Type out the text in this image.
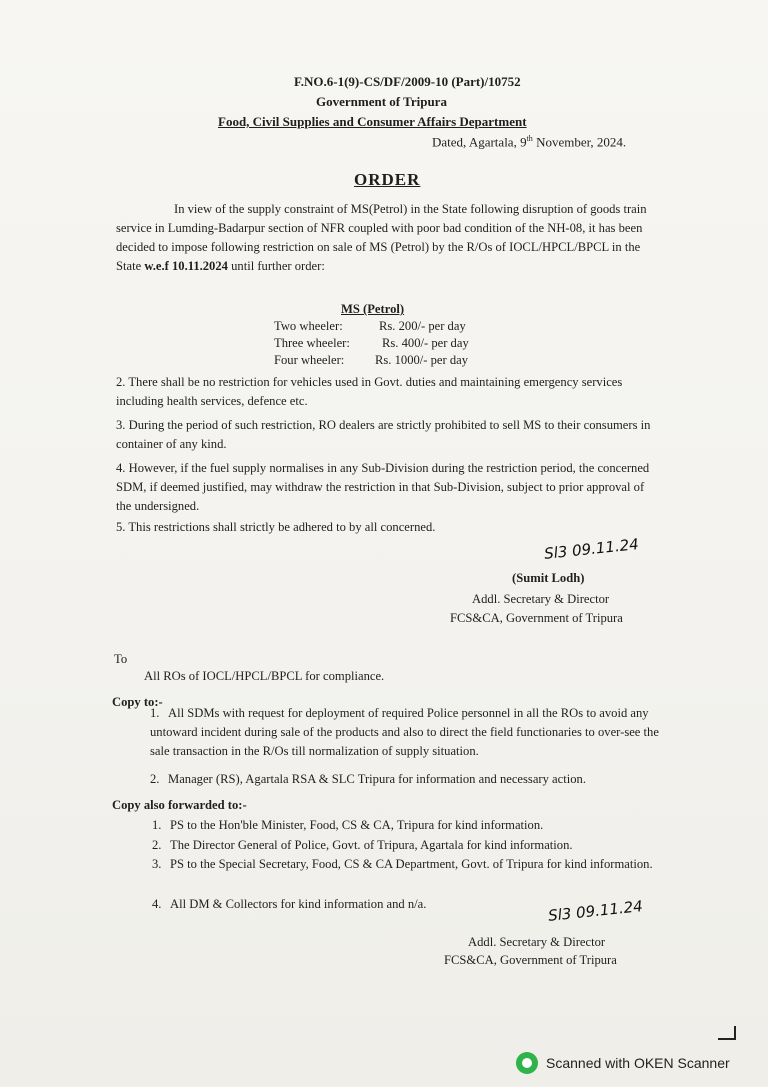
F.NO.6-1(9)-CS/DF/2009-10 (Part)/10752
Government of Tripura
Food, Civil Supplies and Consumer Affairs Department
Dated, Agartala, 9th November, 2024.
ORDER
In view of the supply constraint of MS(Petrol) in the State following disruption of goods train service in Lumding-Badarpur section of NFR coupled with poor bad condition of the NH-08, it has been decided to impose following restriction on sale of MS (Petrol) by the R/Os of IOCL/HPCL/BPCL in the State w.e.f 10.11.2024 until further order:
MS (Petrol)
Two wheeler:	Rs. 200/- per day
Three wheeler:	Rs. 400/- per day
Four wheeler: Rs. 1000/- per day
2. There shall be no restriction for vehicles used in Govt. duties and maintaining emergency services including health services, defence etc.
3. During the period of such restriction, RO dealers are strictly prohibited to sell MS to their consumers in container of any kind.
4. However, if the fuel supply normalises in any Sub-Division during the restriction period, the concerned SDM, if deemed justified, may withdraw the restriction in that Sub-Division, subject to prior approval of the undersigned.
5. This restrictions shall strictly be adhered to by all concerned.
Sl3 09.11.24
(Sumit Lodh)
Addl. Secretary & Director
FCS&CA, Government of Tripura
To
All ROs of IOCL/HPCL/BPCL for compliance.
Copy to:-
1. All SDMs with request for deployment of required Police personnel in all the ROs to avoid any untoward incident during sale of the products and also to direct the field functionaries to over-see the sale transaction in the R/Os till normalization of supply situation.
2. Manager (RS), Agartala RSA & SLC Tripura for information and necessary action.
Copy also forwarded to:-
1. PS to the Hon'ble Minister, Food, CS & CA, Tripura for kind information.
2. The Director General of Police, Govt. of Tripura, Agartala for kind information.
3. PS to the Special Secretary, Food, CS & CA Department, Govt. of Tripura for kind information.
4. All DM & Collectors for kind information and n/a.	Sl3 09.11.24
Addl. Secretary & Director
FCS&CA, Government of Tripura
Scanned with OKEN Scanner
